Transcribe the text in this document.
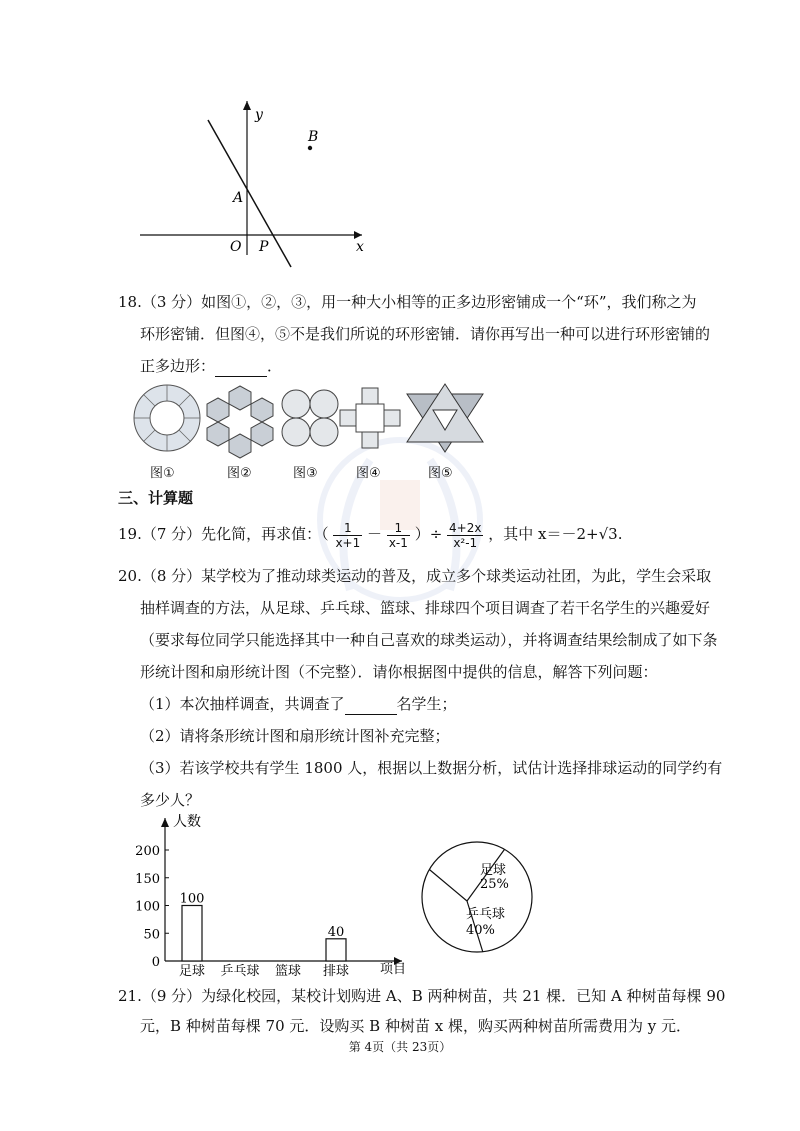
y
x
B
A
O P
18.（3 分）如图①，②，③，用一种大小相等的正多边形密铺成一个“环”，我们称之为
环形密铺．但图④，⑤不是我们所说的环形密铺．请你再写出一种可以进行环形密铺的
正多边形：	．
图①	图②	图③	图④	图⑤
三、计算题
19.（7 分）先化简，再求值：（ $\frac{1}{x+1} - \frac{1}{x-1}$ ）÷ $\frac{4+2x}{\text{x²-1}}$ ，其中 x＝－2+√3.
20.（8 分）某学校为了推动球类运动的普及，成立多个球类运动社团，为此，学生会采取
抽样调查的方法，从足球、乒乓球、篮球、排球四个项目调查了若干名学生的兴趣爱好
（要求每位同学只能选择其中一种自己喜欢的球类运动），并将调查结果绘制成了如下条
形统计图和扇形统计图（不完整）．请你根据图中提供的信息，解答下列问题：
（1）本次抽样调查，共调查了	名学生；
（2）请将条形统计图和扇形统计图补充完整；
（3）若该学校共有学生 1800 人，根据以上数据分析，试估计选择排球运动的同学约有
多少人？
人数
项目
0
50
100
150
200
100
足球 乒乓球 篮球
40
排球
足球
25%
乒乓球
40%
21.（9 分）为绿化校园，某校计划购进 A、B 两种树苗，共 21 棵．已知 A 种树苗每棵 90
元，B 种树苗每棵 70 元．设购买 B 种树苗 x 棵，购买两种树苗所需费用为 y 元．
第 4页（共 23页）
